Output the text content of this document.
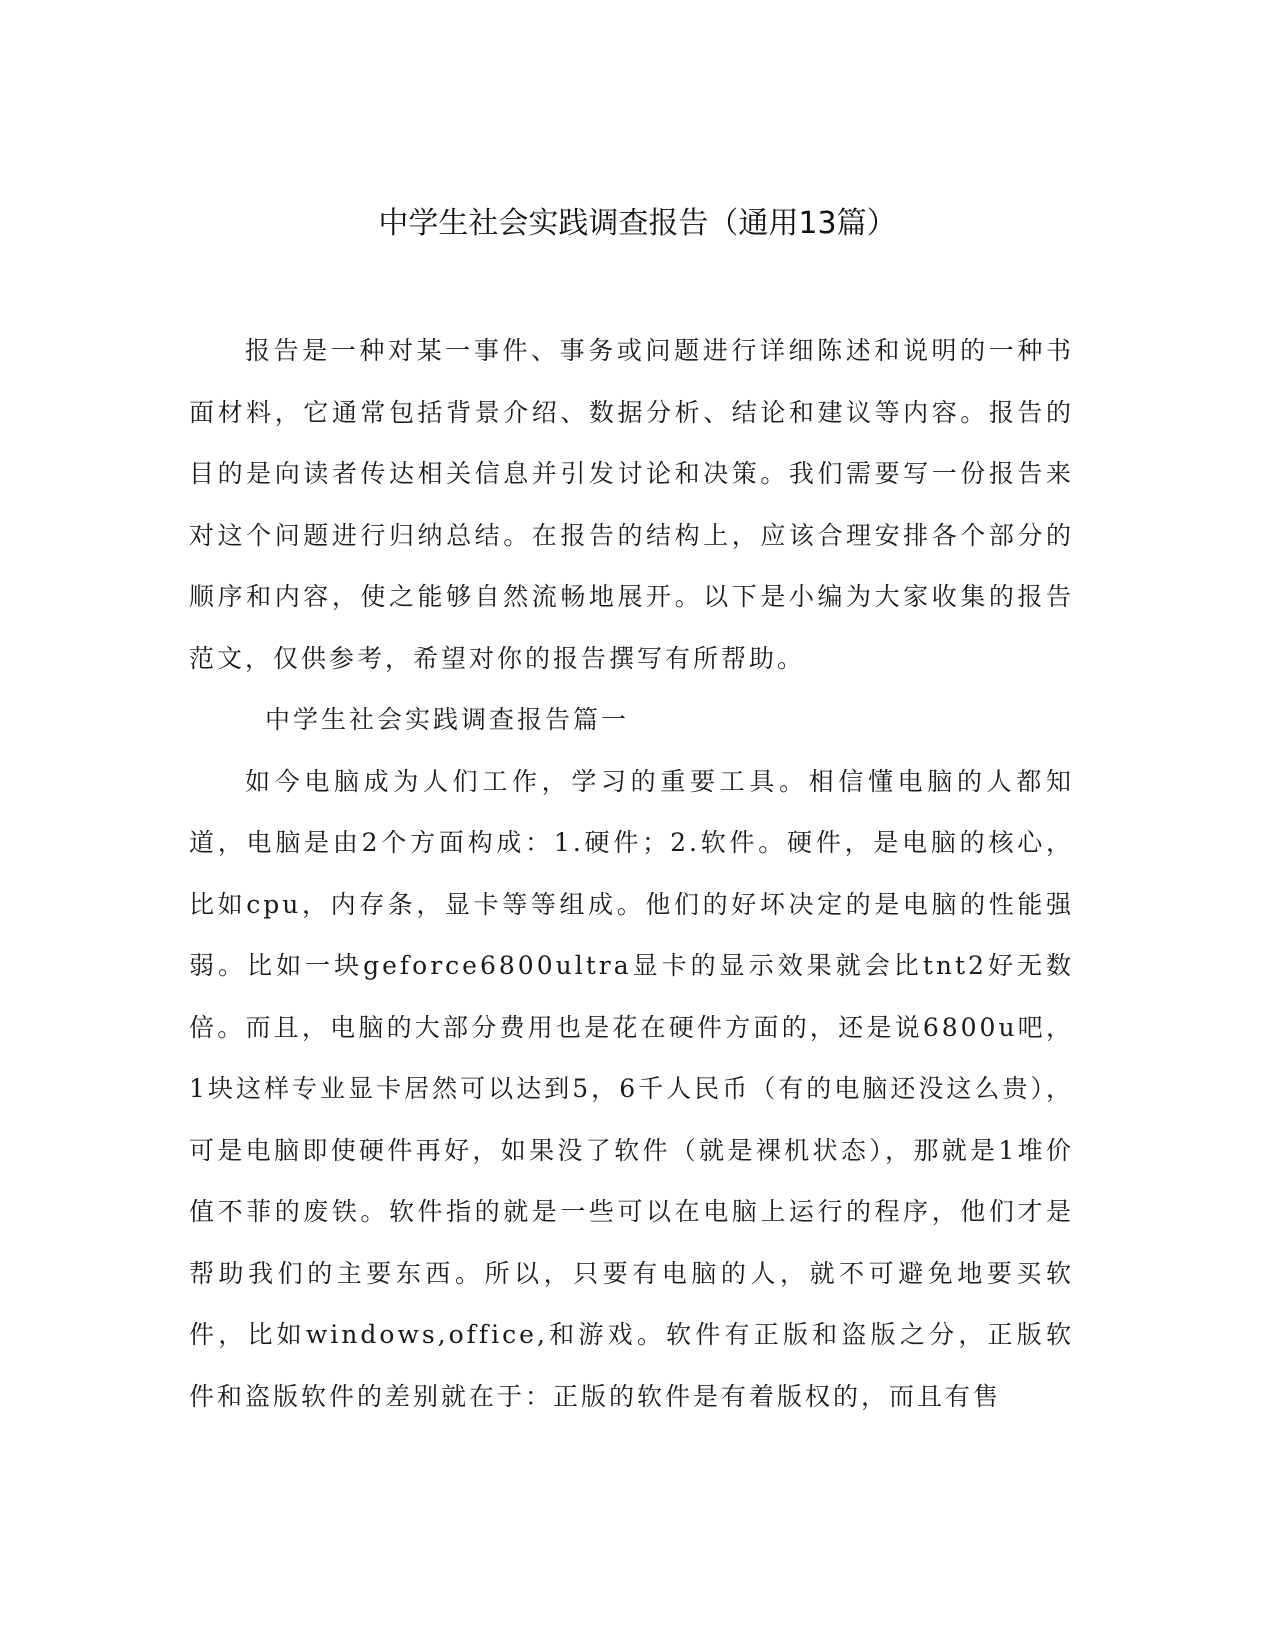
中学生社会实践调查报告（通用13篇）

报告是一种对某一事件、事务或问题进行详细陈述和说明的一种书面材料，它通常包括背景介绍、数据分析、结论和建议等内容。报告的目的是向读者传达相关信息并引发讨论和决策。我们需要写一份报告来对这个问题进行归纳总结。在报告的结构上，应该合理安排各个部分的顺序和内容，使之能够自然流畅地展开。以下是小编为大家收集的报告范文，仅供参考，希望对你的报告撰写有所帮助。

中学生社会实践调查报告篇一

如今电脑成为人们工作，学习的重要工具。相信懂电脑的人都知道，电脑是由2个方面构成：1.硬件；2.软件。硬件，是电脑的核心，比如cpu，内存条，显卡等等组成。他们的好坏决定的是电脑的性能强弱。比如一块geforce6800ultra显卡的显示效果就会比tnt2好无数倍。而且，电脑的大部分费用也是花在硬件方面的，还是说6800u吧，1块这样专业显卡居然可以达到5，6千人民币（有的电脑还没这么贵），可是电脑即使硬件再好，如果没了软件（就是裸机状态），那就是1堆价值不菲的废铁。软件指的就是一些可以在电脑上运行的程序，他们才是帮助我们的主要东西。所以，只要有电脑的人，就不可避免地要买软件，比如windows,office,和游戏。软件有正版和盗版之分，正版软件和盗版软件的差别就在于：正版的软件是有着版权的，而且有售
